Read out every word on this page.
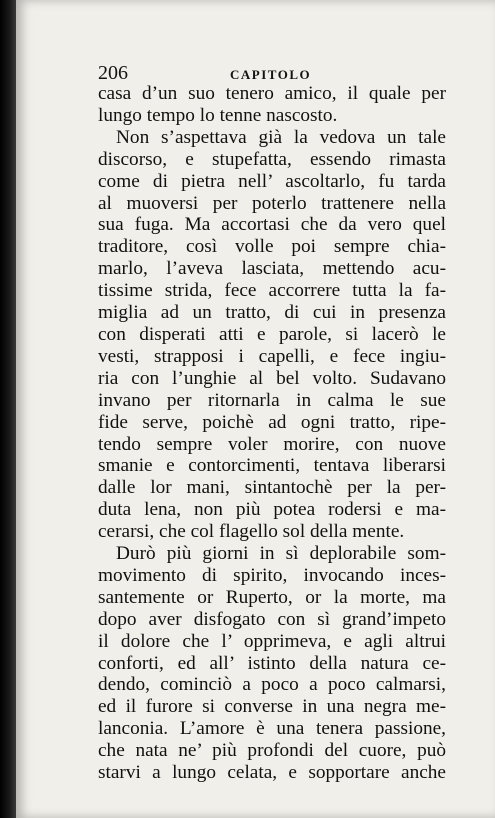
206	CAPITOLO
casa d’un suo tenero amico, il quale per
lungo tempo lo tenne nascosto.
Non s’aspettava già la vedova un tale
discorso, e stupefatta, essendo rimasta
come di pietra nell’ ascoltarlo, fu tarda
al muoversi per poterlo trattenere nella
sua fuga. Ma accortasi che da vero quel
traditore, così volle poi sempre chia-
marlo, l’aveva lasciata, mettendo acu-
tissime strida, fece accorrere tutta la fa-
miglia ad un tratto, di cui in presenza
con disperati atti e parole, si lacerò le
vesti, strapposi i capelli, e fece ingiu-
ria con l’unghie al bel volto. Sudavano
invano per ritornarla in calma le sue
fide serve, poichè ad ogni tratto, ripe-
tendo sempre voler morire, con nuove
smanie e contorcimenti, tentava liberarsi
dalle lor mani, sintantochè per la per-
duta lena, non più potea rodersi e ma-
cerarsi, che col flagello sol della mente.
Durò più giorni in sì deplorabile som-
movimento di spirito, invocando inces-
santemente or Ruperto, or la morte, ma
dopo aver disfogato con sì grand’impeto
il dolore che l’ opprimeva, e agli altrui
conforti, ed all’ istinto della natura ce-
dendo, cominciò a poco a poco calmarsi,
ed il furore si converse in una negra me-
lanconia. L’amore è una tenera passione,
che nata ne’ più profondi del cuore, può
starvi a lungo celata, e sopportare anche
